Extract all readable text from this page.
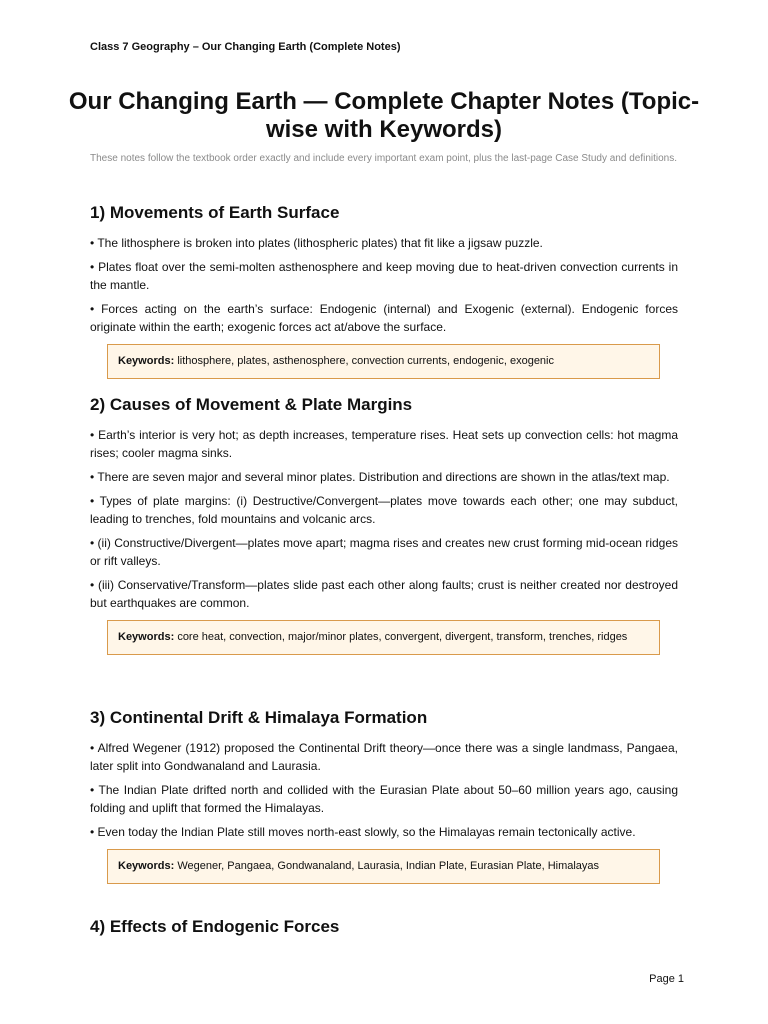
Class 7 Geography – Our Changing Earth (Complete Notes)
Our Changing Earth — Complete Chapter Notes (Topic-wise with Keywords)
These notes follow the textbook order exactly and include every important exam point, plus the last-page Case Study and definitions.
1) Movements of Earth Surface

• The lithosphere is broken into plates (lithospheric plates) that fit like a jigsaw puzzle.

• Plates float over the semi-molten asthenosphere and keep moving due to heat-driven convection currents in the mantle.

• Forces acting on the earth’s surface: Endogenic (internal) and Exogenic (external). Endogenic forces originate within the earth; exogenic forces act at/above the surface.

Keywords: lithosphere, plates, asthenosphere, convection currents, endogenic, exogenic
2) Causes of Movement & Plate Margins

• Earth’s interior is very hot; as depth increases, temperature rises. Heat sets up convection cells: hot magma rises; cooler magma sinks.

• There are seven major and several minor plates. Distribution and directions are shown in the atlas/text map.

• Types of plate margins: (i) Destructive/Convergent—plates move towards each other; one may subduct, leading to trenches, fold mountains and volcanic arcs.

• (ii) Constructive/Divergent—plates move apart; magma rises and creates new crust forming mid-ocean ridges or rift valleys.

• (iii) Conservative/Transform—plates slide past each other along faults; crust is neither created nor destroyed but earthquakes are common.

Keywords: core heat, convection, major/minor plates, convergent, divergent, transform, trenches, ridges
3) Continental Drift & Himalaya Formation

• Alfred Wegener (1912) proposed the Continental Drift theory—once there was a single landmass, Pangaea, later split into Gondwanaland and Laurasia.

• The Indian Plate drifted north and collided with the Eurasian Plate about 50–60 million years ago, causing folding and uplift that formed the Himalayas.

• Even today the Indian Plate still moves north-east slowly, so the Himalayas remain tectonically active.

Keywords: Wegener, Pangaea, Gondwanaland, Laurasia, Indian Plate, Eurasian Plate, Himalayas
4) Effects of Endogenic Forces
Page 1
